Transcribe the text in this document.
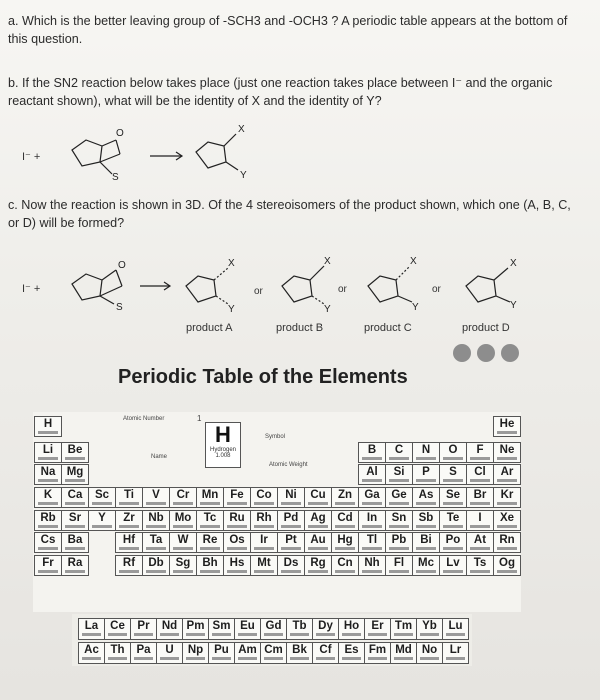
a. Which is the better leaving group of -SCH3 and -OCH3 ? A periodic table appears at the bottom of this question.
b. If the SN2 reaction below takes place (just one reaction takes place between I⁻ and the organic reactant shown), what will be the identity of X and the identity of Y?
I⁻ +
O
S
X
Y
c. Now the reaction is shown in 3D. Of the 4 stereoisomers of the product shown, which one (A, B, C, or D) will be formed?
I⁻ +
O
S
X
Y
or
X
Y
or
X
Y
or
X
Y
product A	product B	product C	product D
Periodic Table of the Elements
Atomic Number	1
H
Hydrogen
1.008
Symbol
Name
Atomic Weight
H	He
Li	Be	B	C	N	O	F	Ne
Na Mg	Al	Si	P	S	Cl	Ar
K	Ca	Sc	Ti	V	Cr	Mn	Fe	Co	Ni	Cu	Zn	Ga	Ge	As	Se	Br	Kr
Rb	Sr	Y	Zr	Nb Mo	Tc	Ru	Rh	Pd	Ag	Cd	In	Sn	Sb	Te	I	Xe
Cs	Ba	Hf	Ta	W	Re	Os	Ir	Pt	Au	Hg	Tl	Pb	Bi	Po	At	Rn
Fr	Ra	Rf	Db	Sg	Bh	Hs	Mt	Ds	Rg	Cn	Nh	Fl	Mc	Lv	Ts	Og
La	Ce	Pr	Nd Pm Sm Eu Gd Tb	Dy Ho	Er Tm Yb	Lu
Ac	Th	Pa	U	Np Pu Am Cm Bk	Cf	Es Fm Md No	Lr
